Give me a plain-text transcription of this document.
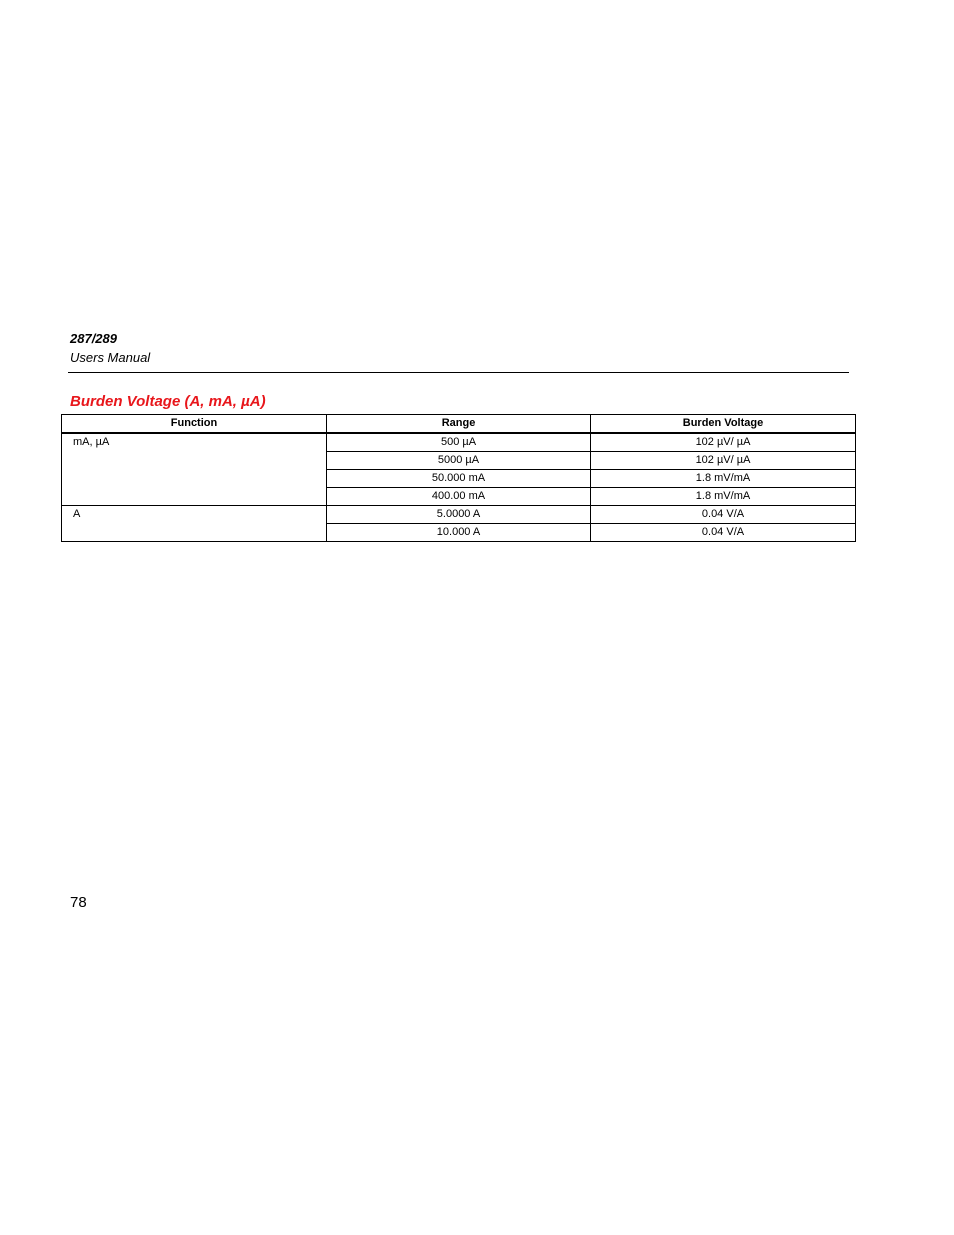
287/289
Users Manual
Burden Voltage (A, mA, µA)
Function	Range	Burden Voltage
mA, µA	500 µA	102 µV/ µA
	5000 µA	102 µV/ µA
	50.000 mA	1.8 mV/mA
	400.00 mA	1.8 mV/mA
A	5.0000 A	0.04 V/A
	10.000 A	0.04 V/A
78
